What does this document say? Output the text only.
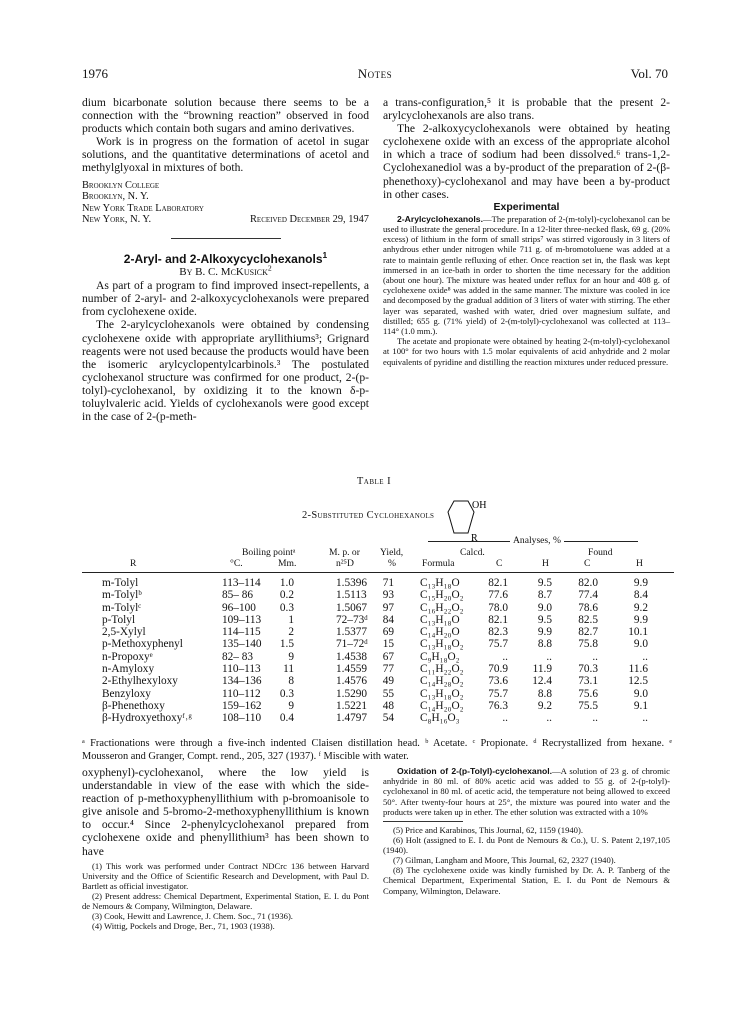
1976	Notes	Vol. 70

dium bicarbonate solution because there seems to be a connection with the “browning reaction” observed in food products which contain both sugars and amino derivatives.

Work is in progress on the formation of acetol in sugar solutions, and the quantitative determinations of acetol and methylglyoxal in mixtures of both.

Brooklyn College

Brooklyn, N. Y.

New York Trade Laboratory

New York, N. Y.	Received December 29, 1947

2-Aryl- and 2-Alkoxycyclohexanols$^1$

By B. C. McKusick$^2$

As part of a program to find improved insect-repellents, a number of 2-aryl- and 2-alkoxycyclohexanols were prepared from cyclohexene oxide.

The 2-arylcyclohexanols were obtained by condensing cyclohexene oxide with appropriate aryllithiums³; Grignard reagents were not used because the products would have been the isomeric arylcyclopentylcarbinols.³ The postulated cyclohexanol structure was confirmed for one product, 2-(p-tolyl)-cyclohexanol, by oxidizing it to the known δ-p-toluylvaleric acid. Yields of cyclohexanols were good except in the case of 2-(p-meth-

a trans-configuration,⁵ it is probable that the present 2-arylcyclohexanols are also trans.

The 2-alkoxycyclohexanols were obtained by heating cyclohexene oxide with an excess of the appropriate alcohol in which a trace of sodium had been dissolved.⁶ trans-1,2-Cyclohexanediol was a by-product of the preparation of 2-(β-phenethoxy)-cyclohexanol and may have been a by-product in other cases.

Experimental

2-Arylcyclohexanols.—The preparation of 2-(m-tolyl)-cyclohexanol can be used to illustrate the general procedure. In a 12-liter three-necked flask, 69 g. (20% excess) of lithium in the form of small strips⁷ was stirred vigorously in 3 liters of anhydrous ether under nitrogen while 711 g. of m-bromotoluene was added at a rate to maintain gentle refluxing of ether. Once reaction set in, the flask was kept immersed in an ice-bath in order to shorten the time necessary for the addition (about one hour). The mixture was heated under reflux for an hour and 408 g. of cyclohexene oxide⁸ was added in the same manner. The mixture was cooled in ice and decomposed by the gradual addition of 3 liters of water with stirring. The ether layer was separated, washed with water, dried over magnesium sulfate, and distilled; 655 g. (71% yield) of 2-(m-tolyl)-cyclohexanol was collected at 113–114° (1.0 mm.).

The acetate and propionate were obtained by heating 2-(m-tolyl)-cyclohexanol at 100° for two hours with 1.5 molar equivalents of acid anhydride and 2 molar equivalents of pyridine and distilling the reaction mixtures under reduced pressure.

Table I
2-Substituted Cyclohexanols
OH
R	Analyses, %
Boiling pointᵃ	M. p. or Yield,	Calcd.	Found
R	°C.	Mm.	n²⁵D	%	Formula	C	H	C	H
m-Tolyl	113–114 1.0	1.5396 71 C₁₃H₁₈O	82.1	9.5 82.0	9.9
m-Tolylᵇ	85– 86 0.2	1.5113 93 C₁₅H₂₀O₂ 77.6	8.7 77.4	8.4
m-Tolylᶜ	96–100 0.3	1.5067 97 C₁₆H₂₂O₂ 78.0	9.0 78.6	9.2
p-Tolyl	109–113 1	72–73ᵈ 84 C₁₃H₁₈O	82.1	9.5 82.5	9.9
2,5-Xylyl	114–115 2	1.5377 69 C₁₄H₂₀O	82.3	9.9 82.7	10.1
p-Methoxyphenyl	135–140 1.5	71–72ᵈ 15 C₁₃H₁₈O₂ 75.7	8.8 75.8	9.0
n-Propoxyᵉ	82– 83	9	1.4538 67 C₉H₁₈O₂	..	..	..	..
n-Amyloxy	110–113 11	1.4559 77 C₁₁H₂₂O₂ 70.9 11.9 70.3	11.6
2-Ethylhexyloxy	134–136 8	1.4576 49 C₁₄H₂₈O₂ 73.6 12.4 73.1	12.5
Benzyloxy	110–112 0.3	1.5290 55 C₁₃H₁₈O₂ 75.7	8.8 75.6	9.0
β-Phenethoxy	159–162 9	1.5221 48 C₁₄H₂₀O₂ 76.3	9.2 75.5	9.1
β-Hydroxyethoxyᶠ˒ᵍ	108–110 0.4	1.4797 54 C₈H₁₆O₃	..	..	..	..
ᵃ Fractionations were through a five-inch indented Claisen distillation head. ᵇ Acetate. ᶜ Propionate. ᵈ Recrystallized from hexane. ᵉ Mousseron and Granger, Compt. rend., 205, 327 (1937). ᶠ Miscible with water.

oxyphenyl)-cyclohexanol, where the low yield is understandable in view of the ease with which the side-reaction of p-methoxyphenyllithium with p-bromoanisole to give anisole and 5-bromo-2-methoxyphenyllithium is known to occur.⁴ Since 2-phenylcyclohexanol prepared from cyclohexene oxide and phenyllithium³ has been shown to have

(1) This work was performed under Contract NDCrc 136 between Harvard University and the Office of Scientific Research and Development, with Paul D. Bartlett as official investigator.

(2) Present address: Chemical Department, Experimental Station, E. I. du Pont de Nemours & Company, Wilmington, Delaware.

(3) Cook, Hewitt and Lawrence, J. Chem. Soc., 71 (1936).

(4) Wittig, Pockels and Droge, Ber., 71, 1903 (1938).

Oxidation of 2-(p-Tolyl)-cyclohexanol.—A solution of 23 g. of chromic anhydride in 80 ml. of 80% acetic acid was added to 55 g. of 2-(p-tolyl)-cyclohexanol in 80 ml. of acetic acid, the temperature not being allowed to exceed 50°. After twenty-four hours at 25°, the mixture was poured into water and the products were taken up in ether. The ether solution was extracted with a 10%

(5) Price and Karabinos, This Journal, 62, 1159 (1940).

(6) Holt (assigned to E. I. du Pont de Nemours & Co.), U. S. Patent 2,197,105 (1940).

(7) Gilman, Langham and Moore, This Journal, 62, 2327 (1940).

(8) The cyclohexene oxide was kindly furnished by Dr. A. P. Tanberg of the Chemical Department, Experimental Station, E. I. du Pont de Nemours & Company, Wilmington, Delaware.
